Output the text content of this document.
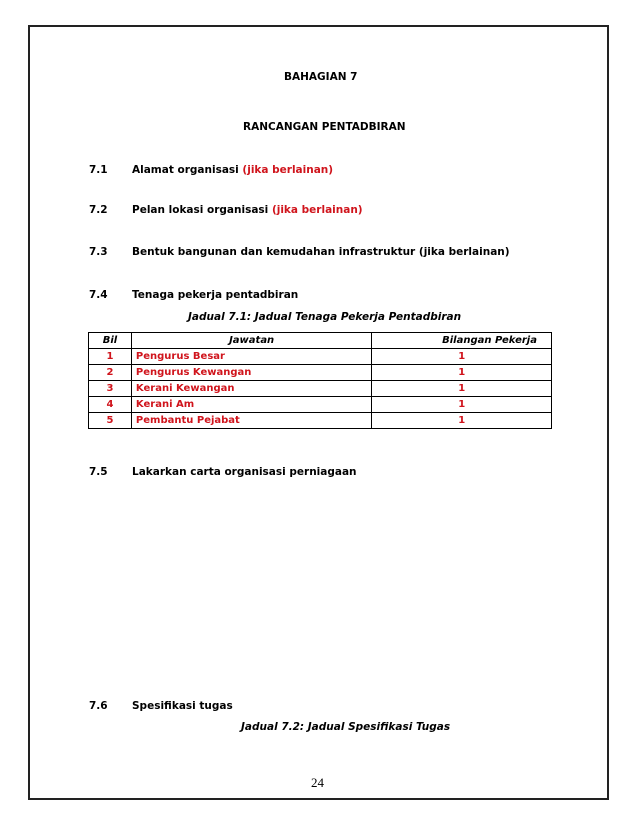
BAHAGIAN 7
RANCANGAN PENTADBIRAN
7.1 Alamat organisasi (jika berlainan)
7.2 Pelan lokasi organisasi (jika berlainan)
7.3 Bentuk bangunan dan kemudahan infrastruktur (jika berlainan)
7.4 Tenaga pekerja pentadbiran
Jadual 7.1: Jadual Tenaga Pekerja Pentadbiran
Bil	Jawatan	Bilangan Pekerja
1	Pengurus Besar	1
2	Pengurus Kewangan	1
3	Kerani Kewangan	1
4	Kerani Am	1
5	Pembantu Pejabat	1
7.5 Lakarkan carta organisasi perniagaan
7.6 Spesifikasi tugas
Jadual 7.2: Jadual Spesifikasi Tugas
24
